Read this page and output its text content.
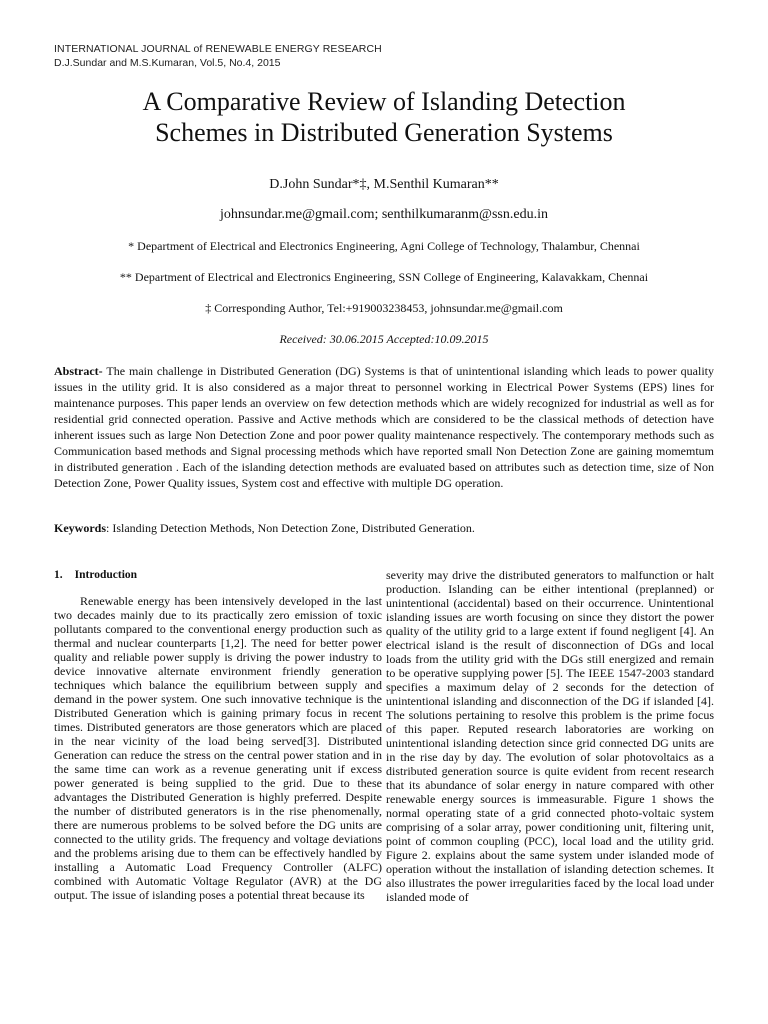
INTERNATIONAL JOURNAL of RENEWABLE ENERGY RESEARCH
D.J.Sundar and M.S.Kumaran, Vol.5, No.4, 2015
A Comparative Review of Islanding Detection
Schemes in Distributed Generation Systems
D.John Sundar*‡, M.Senthil Kumaran**
johnsundar.me@gmail.com; senthilkumaranm@ssn.edu.in
* Department of Electrical and Electronics Engineering, Agni College of Technology, Thalambur, Chennai
** Department of Electrical and Electronics Engineering, SSN College of Engineering, Kalavakkam, Chennai
‡ Corresponding Author, Tel:+919003238453, johnsundar.me@gmail.com
Received: 30.06.2015 Accepted:10.09.2015
Abstract- The main challenge in Distributed Generation (DG) Systems is that of unintentional islanding which leads to power quality issues in the utility grid. It is also considered as a major threat to personnel working in Electrical Power Systems (EPS) lines for maintenance purposes. This paper lends an overview on few detection methods which are widely recognized for industrial as well as for residential grid connected operation. Passive and Active methods which are considered to be the classical methods of detection have inherent issues such as large Non Detection Zone and poor power quality maintenance respectively. The contemporary methods such as Communication based methods and Signal processing methods which have reported small Non Detection Zone are gaining momemtum in distributed generation . Each of the islanding detection methods are evaluated based on attributes such as detection time, size of Non Detection Zone, Power Quality issues, System cost and effective with multiple DG operation.
Keywords: Islanding Detection Methods, Non Detection Zone, Distributed Generation.
1. Introduction

Renewable energy has been intensively developed in the last two decades mainly due to its practically zero emission of toxic pollutants compared to the conventional energy production such as thermal and nuclear counterparts [1,2]. The need for better power quality and reliable power supply is driving the power industry to device innovative alternate environment friendly generation techniques which balance the equilibrium between supply and demand in the power system. One such innovative technique is the Distributed Generation which is gaining primary focus in recent times. Distributed generators are those generators which are placed in the near vicinity of the load being served[3]. Distributed Generation can reduce the stress on the central power station and in the same time can work as a revenue generating unit if excess power generated is being supplied to the grid. Due to these advantages the Distributed Generation is highly preferred. Despite the number of distributed generators is in the rise phenomenally, there are numerous problems to be solved before the DG units are connected to the utility grids. The frequency and voltage deviations and the problems arising due to them can be effectively handled by installing a Automatic Load Frequency Controller (ALFC) combined with Automatic Voltage Regulator (AVR) at the DG output. The issue of islanding poses a potential threat because its

severity may drive the distributed generators to malfunction or halt production. Islanding can be either intentional (preplanned) or unintentional (accidental) based on their occurrence. Unintentional islanding issues are worth focusing on since they distort the power quality of the utility grid to a large extent if found negligent [4]. An electrical island is the result of disconnection of DGs and local loads from the utility grid with the DGs still energized and remain to be operative supplying power [5]. The IEEE 1547-2003 standard specifies a maximum delay of 2 seconds for the detection of unintentional islanding and disconnection of the DG if islanded [4]. The solutions pertaining to resolve this problem is the prime focus of this paper. Reputed research laboratories are working on unintentional islanding detection since grid connected DG units are in the rise day by day. The evolution of solar photovoltaics as a distributed generation source is quite evident from recent research that its abundance of solar energy in nature compared with other renewable energy sources is immeasurable. Figure 1 shows the normal operating state of a grid connected photo-voltaic system comprising of a solar array, power conditioning unit, filtering unit, point of common coupling (PCC), local load and the utility grid. Figure 2. explains about the same system under islanded mode of operation without the installation of islanding detection schemes. It also illustrates the power irregularities faced by the local load under islanded mode of
